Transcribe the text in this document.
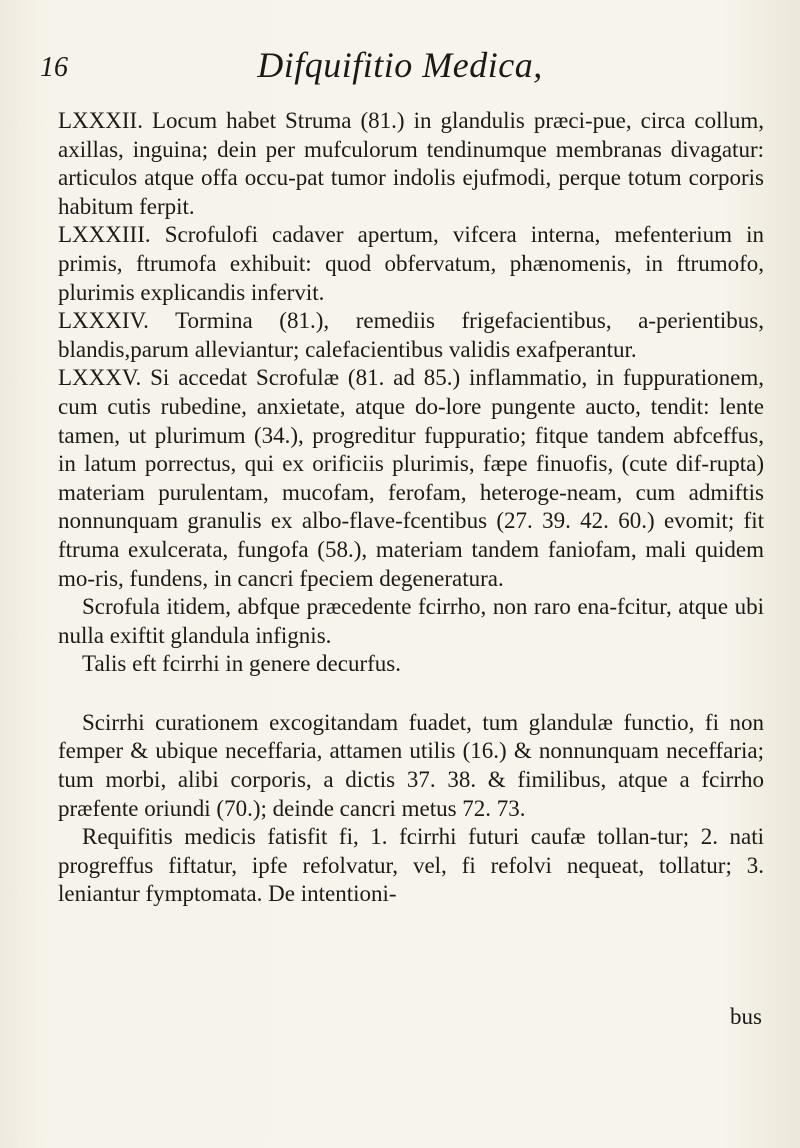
16	Difquifitio Medica,

LXXXII. Locum habet Struma (81.) in glandulis præci-pue, circa collum, axillas, inguina; dein per mufculorum tendinumque membranas divagatur: articulos atque offa occu-pat tumor indolis ejufmodi, perque totum corporis habitum ferpit.

LXXXIII. Scrofulofi cadaver apertum, vifcera interna, mefenterium in primis, ftrumofa exhibuit: quod obfervatum, phænomenis, in ftrumofo, plurimis explicandis infervit.

LXXXIV. Tormina (81.), remediis frigefacientibus, a-perientibus, blandis,parum alleviantur; calefacientibus validis exafperantur.

LXXXV. Si accedat Scrofulæ (81. ad 85.) inflammatio, in fuppurationem, cum cutis rubedine, anxietate, atque do-lore pungente aucto, tendit: lente tamen, ut plurimum (34.), progreditur fuppuratio; fitque tandem abfceffus, in latum porrectus, qui ex orificiis plurimis, fæpe finuofis, (cute dif-rupta) materiam purulentam, mucofam, ferofam, heteroge-neam, cum admiftis nonnunquam granulis ex albo-flave-fcentibus (27. 39. 42. 60.) evomit; fit ftruma exulcerata, fungofa (58.), materiam tandem faniofam, mali quidem mo-ris, fundens, in cancri fpeciem degeneratura.

Scrofula itidem, abfque præcedente fcirrho, non raro ena-fcitur, atque ubi nulla exiftit glandula infignis.

Talis eft fcirrhi in genere decurfus.

Scirrhi curationem excogitandam fuadet, tum glandulæ functio, fi non femper & ubique neceffaria, attamen utilis (16.) & nonnunquam neceffaria; tum morbi, alibi corporis, a dictis 37. 38. & fimilibus, atque a fcirrho præfente oriundi (70.); deinde cancri metus 72. 73.

Requifitis medicis fatisfit fi, 1. fcirrhi futuri caufæ tollan-tur; 2. nati progreffus fiftatur, ipfe refolvatur, vel, fi refolvi nequeat, tollatur; 3. leniantur fymptomata. De intentioni-

bus
